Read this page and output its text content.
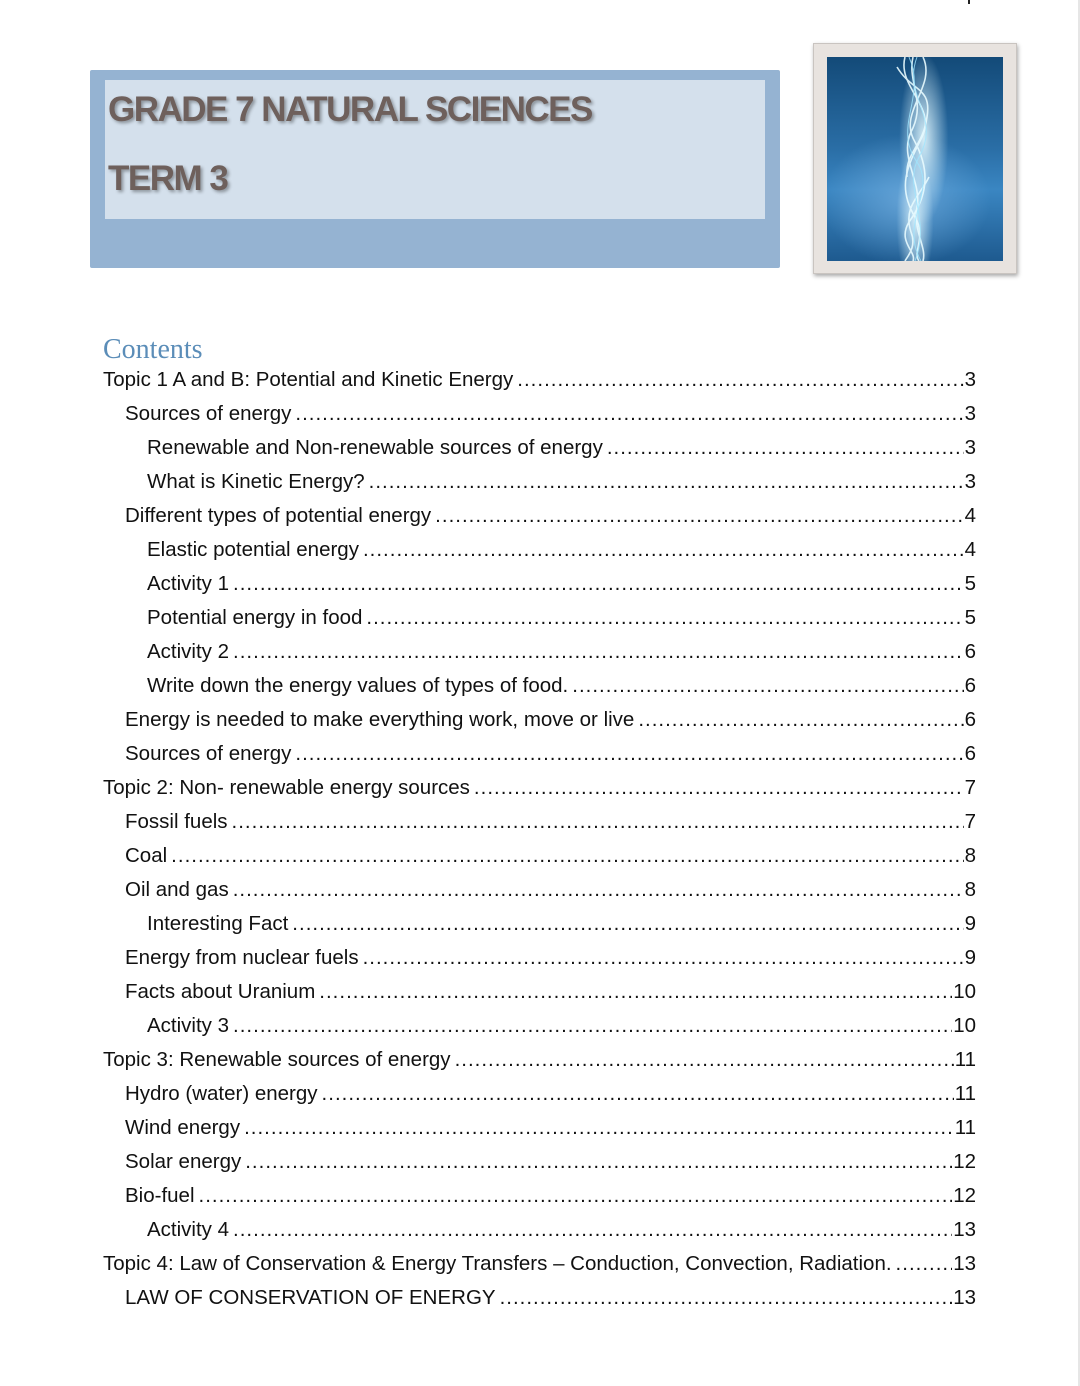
GRADE 7 NATURAL SCIENCES
TERM 3
Contents
Topic 1 A and B: Potential and Kinetic Energy .....	3
Sources of energy .....	3
Renewable and Non-renewable sources of energy .....	3
What is Kinetic Energy? .....	3
Different types of potential energy .....	4
Elastic potential energy .....	4
Activity 1 .....	5
Potential energy in food .....	5
Activity 2 .....	6
Write down the energy values of types of food. .....	6
Energy is needed to make everything work, move or live .....	6
Sources of energy .....	6
Topic 2: Non- renewable energy sources .....	7
Fossil fuels .....	7
Coal .....	8
Oil and gas .....	8
Interesting Fact .....	9
Energy from nuclear fuels .....	9
Facts about Uranium .....	10
Activity 3 .....	10
Topic 3: Renewable sources of energy .....	11
Hydro (water) energy .....	11
Wind energy .....	11
Solar energy .....	12
Bio-fuel .....	12
Activity 4 .....	13
Topic 4: Law of Conservation & Energy Transfers – Conduction, Convection, Radiation. .....	13
LAW OF CONSERVATION OF ENERGY .....	13
